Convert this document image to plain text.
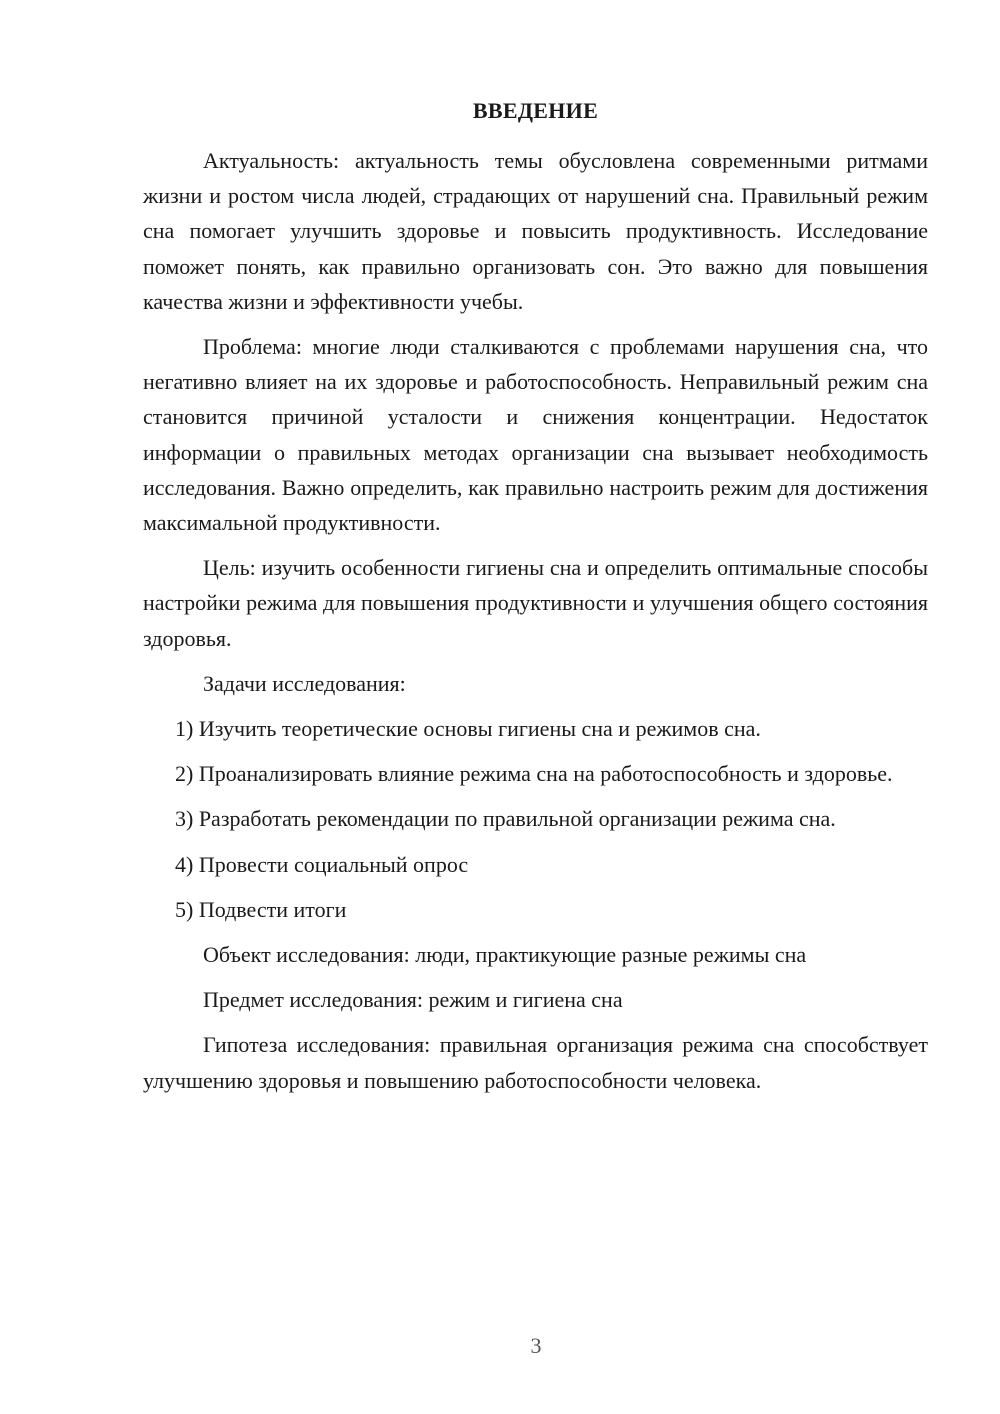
ВВЕДЕНИЕ

Актуальность: актуальность темы обусловлена современными ритмами жизни и ростом числа людей, страдающих от нарушений сна. Правильный режим сна помогает улучшить здоровье и повысить продуктивность. Исследование поможет понять, как правильно организовать сон. Это важно для повышения качества жизни и эффективности учебы.

Проблема: многие люди сталкиваются с проблемами нарушения сна, что негативно влияет на их здоровье и работоспособность. Неправильный режим сна становится причиной усталости и снижения концентрации. Недостаток информации о правильных методах организации сна вызывает необходимость исследования. Важно определить, как правильно настроить режим для достижения максимальной продуктивности.

Цель: изучить особенности гигиены сна и определить оптимальные способы настройки режима для повышения продуктивности и улучшения общего состояния здоровья.

Задачи исследования:

1) Изучить теоретические основы гигиены сна и режимов сна.

2) Проанализировать влияние режима сна на работоспособность и здоровье.

3) Разработать рекомендации по правильной организации режима сна.

4) Провести социальный опрос

5) Подвести итоги

Объект исследования: люди, практикующие разные режимы сна

Предмет исследования: режим и гигиена сна

Гипотеза исследования: правильная организация режима сна способствует улучшению здоровья и повышению работоспособности человека.

3
